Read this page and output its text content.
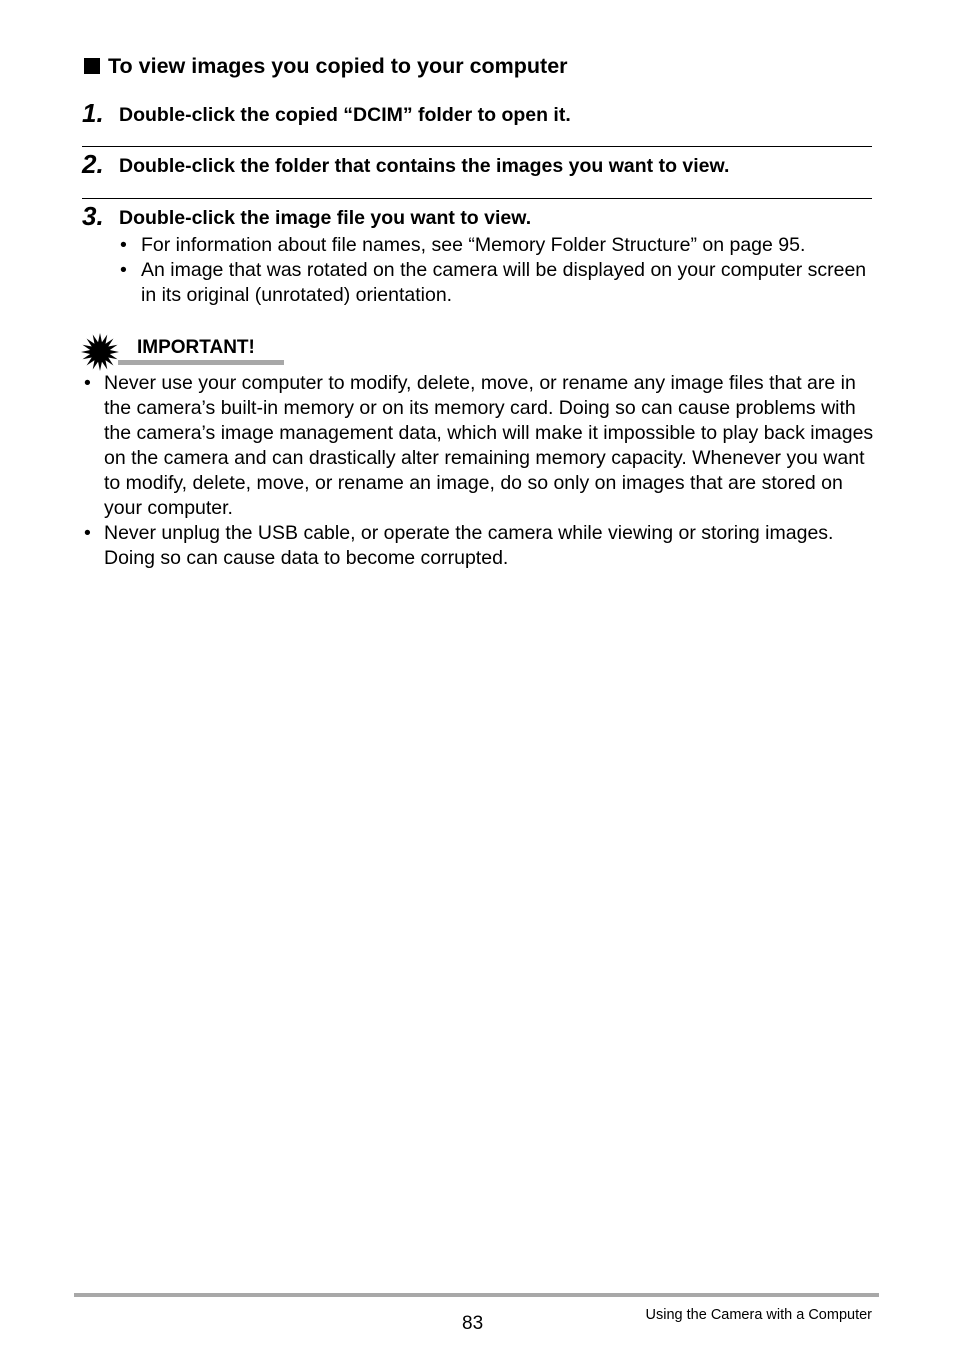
To view images you copied to your computer
1. Double-click the copied “DCIM” folder to open it.
2. Double-click the folder that contains the images you want to view.
3. Double-click the image file you want to view.
• For information about file names, see “Memory Folder Structure” on page 95.
• An image that was rotated on the camera will be displayed on your computer screen in its original (unrotated) orientation.
IMPORTANT!
• Never use your computer to modify, delete, move, or rename any image files that are in the camera’s built-in memory or on its memory card. Doing so can cause problems with the camera’s image management data, which will make it impossible to play back images on the camera and can drastically alter remaining memory capacity. Whenever you want to modify, delete, move, or rename an image, do so only on images that are stored on your computer.
• Never unplug the USB cable, or operate the camera while viewing or storing images. Doing so can cause data to become corrupted.
83	Using the Camera with a Computer
